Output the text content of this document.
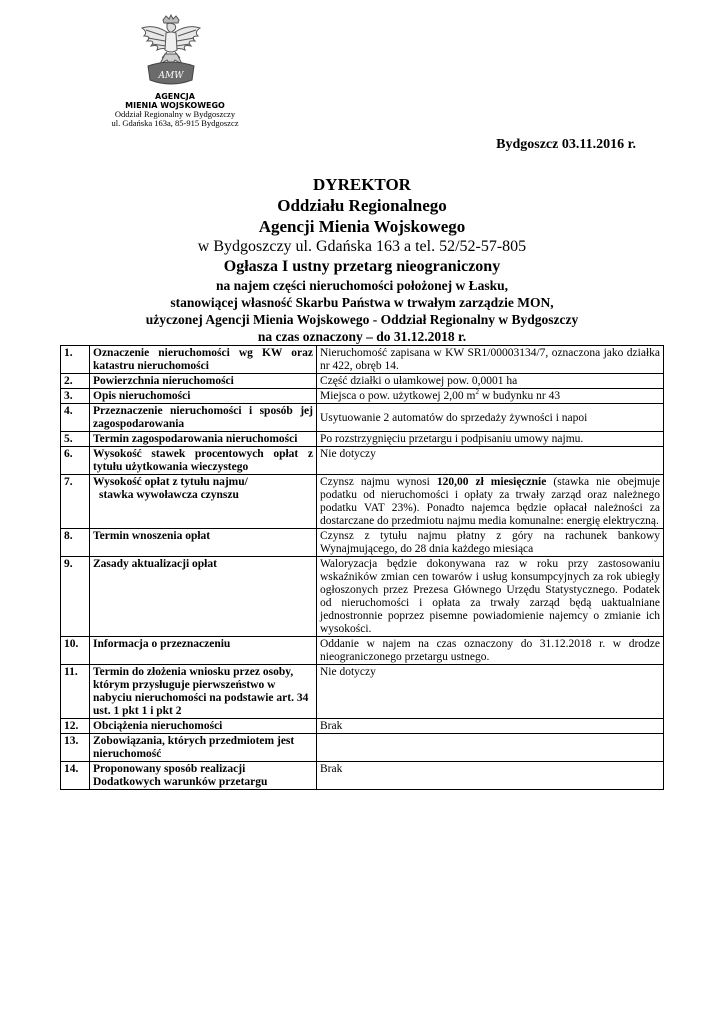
AMW
AGENCJA
MIENIA WOJSKOWEGO
Oddział Regionalny w Bydgoszczy
ul. Gdańska 163a, 85-915 Bydgoszcz
Bydgoszcz 03.11.2016 r.
DYREKTOR
Oddziału Regionalnego
Agencji Mienia Wojskowego
w Bydgoszczy ul. Gdańska 163 a tel. 52/52-57-805
Ogłasza I ustny przetarg nieograniczony
na najem części nieruchomości położonej w Łasku,
stanowiącej własność Skarbu Państwa w trwałym zarządzie MON,
użyczonej Agencji Mienia Wojskowego - Oddział Regionalny w Bydgoszczy
na czas oznaczony – do 31.12.2018 r.
1.	Oznaczenie nieruchomości wg KW oraz katastru nieruchomości	Nieruchomość zapisana w KW SR1/00003134/7, oznaczona jako działka nr 422, obręb 14.
2.	Powierzchnia nieruchomości	Część działki o ułamkowej pow. 0,0001 ha
3.	Opis nieruchomości	Miejsca o pow. użytkowej 2,00 $m^2$ w budynku nr 43
4.	Przeznaczenie nieruchomości i sposób jej zagospodarowania	Usytuowanie 2 automatów do sprzedaży żywności i napoi
5.	Termin zagospodarowania nieruchomości	Po rozstrzygnięciu przetargu i podpisaniu umowy najmu.
6.	Wysokość stawek procentowych opłat z tytułu użytkowania wieczystego	Nie dotyczy
7.	Wysokość opłat z tytułu najmu/
stawka wywoławcza czynszu	Czynsz najmu wynosi 120,00 zł miesięcznie (stawka nie obejmuje podatku od nieruchomości i opłaty za trwały zarząd oraz należnego podatku VAT 23%). Ponadto najemca będzie opłacał należności za dostarczane do przedmiotu najmu media komunalne: energię elektryczną.
8.	Termin wnoszenia opłat	Czynsz z tytułu najmu płatny z góry na rachunek bankowy Wynajmującego, do 28 dnia każdego miesiąca
9.	Zasady aktualizacji opłat	Waloryzacja będzie dokonywana raz w roku przy zastosowaniu wskaźników zmian cen towarów i usług konsumpcyjnych za rok ubiegły ogłoszonych przez Prezesa Głównego Urzędu Statystycznego. Podatek od nieruchomości i opłata za trwały zarząd będą uaktualniane jednostronnie poprzez pisemne powiadomienie najemcy o zmianie ich wysokości.
10.	Informacja o przeznaczeniu	Oddanie w najem na czas oznaczony do 31.12.2018 r. w drodze nieograniczonego przetargu ustnego.
11.	Termin do złożenia wniosku przez osoby, którym przysługuje pierwszeństwo w nabyciu nieruchomości na podstawie art. 34 ust. 1 pkt 1 i pkt 2	Nie dotyczy
12.	Obciążenia nieruchomości	Brak
13.	Zobowiązania, których przedmiotem jest nieruchomość	
14.	Proponowany sposób realizacji Dodatkowych warunków przetargu	Brak
